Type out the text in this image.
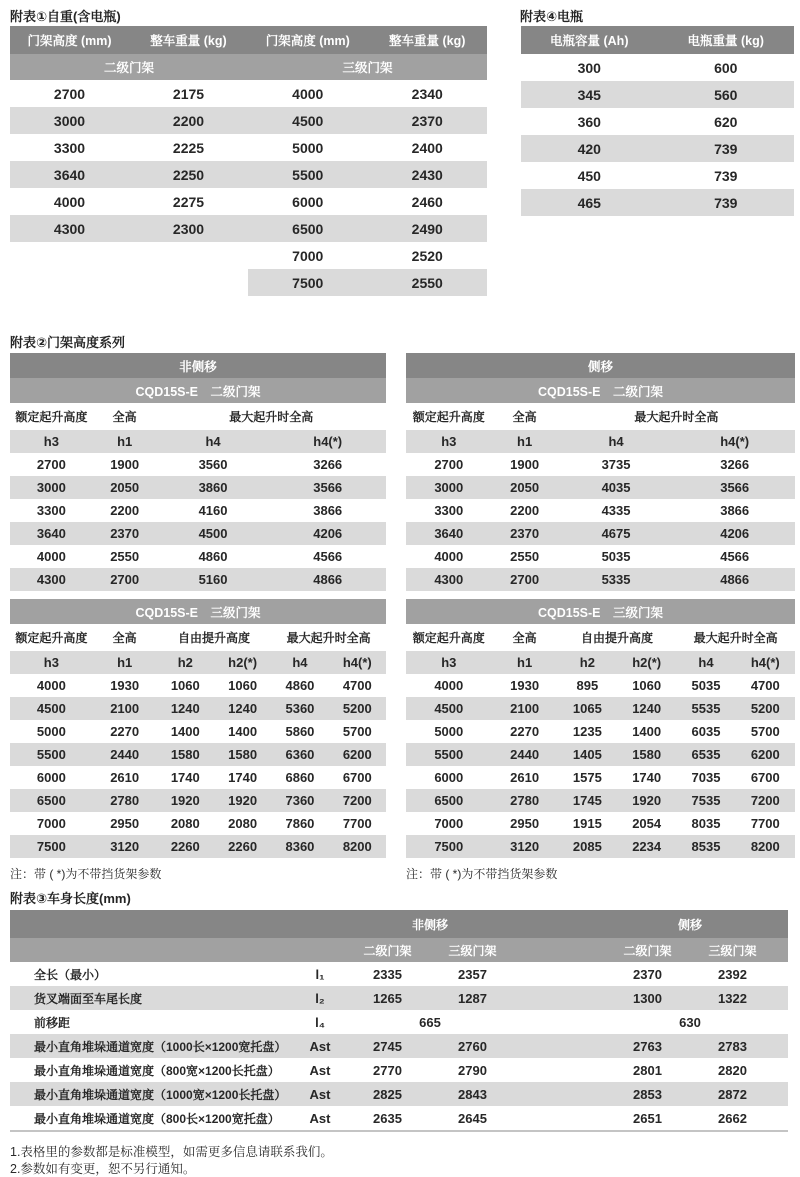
附表①自重(含电瓶)
门架高度 (mm)	整车重量 (kg)
二级门架
2700	2175
3000	2200
3300	2225
3640	2250
4000	2275
4300	2300
门架高度 (mm)	整车重量 (kg)
三级门架
4000	2340
4500	2370
5000	2400
5500	2430
6000	2460
6500	2490
7000	2520
7500	2550
附表④电瓶
电瓶容量 (Ah)	电瓶重量 (kg)
300	600
345	560
360	620
420	739
450	739
465	739
附表②门架高度系列
非侧移
CQD15S-E　二级门架
额定起升高度	全高	最大起升时全高
h3	h1	h4	h4(*)
2700	1900	3560	3266
3000	2050	3860	3566
3300	2200	4160	3866
3640	2370	4500	4206
4000	2550	4860	4566
4300	2700	5160	4866
CQD15S-E　三级门架
额定起升高度	全高	自由提升高度	最大起升时全高
h3	h1	h2	h2(*)	h4	h4(*)
4000	1930	1060	1060	4860	4700
4500	2100	1240	1240	5360	5200
5000	2270	1400	1400	5860	5700
5500	2440	1580	1580	6360	6200
6000	2610	1740	1740	6860	6700
6500	2780	1920	1920	7360	7200
7000	2950	2080	2080	7860	7700
7500	3120	2260	2260	8360	8200
注：带 ( *)为不带挡货架参数
侧移
CQD15S-E　二级门架
额定起升高度	全高	最大起升时全高
h3	h1	h4	h4(*)
2700	1900	3735	3266
3000	2050	4035	3566
3300	2200	4335	3866
3640	2370	4675	4206
4000	2550	5035	4566
4300	2700	5335	4866
CQD15S-E　三级门架
额定起升高度	全高	自由提升高度	最大起升时全高
h3	h1	h2	h2(*)	h4	h4(*)
4000	1930	895	1060	5035	4700
4500	2100	1065	1240	5535	5200
5000	2270	1235	1400	6035	5700
5500	2440	1405	1580	6535	6200
6000	2610	1575	1740	7035	6700
6500	2780	1745	1920	7535	7200
7000	2950	1915	2054	8035	7700
7500	3120	2085	2234	8535	8200
注：带 ( *)为不带挡货架参数
附表③车身长度(mm)
非侧移	侧移
二级门架	三级门架	二级门架	三级门架
全长（最小）	l₁	2335	2357	2370	2392
货叉端面至车尾长度	l₂	1265	1287	1300	1322
前移距	l₄	665	630
最小直角堆垛通道宽度（1000长×1200宽托盘）	Ast	2745	2760	2763	2783
最小直角堆垛通道宽度（800宽×1200长托盘）	Ast	2770	2790	2801	2820
最小直角堆垛通道宽度（1000宽×1200长托盘）	Ast	2825	2843	2853	2872
最小直角堆垛通道宽度（800长×1200宽托盘）	Ast	2635	2645	2651	2662
1.表格里的参数都是标准模型，如需更多信息请联系我们。
2.参数如有变更，恕不另行通知。
